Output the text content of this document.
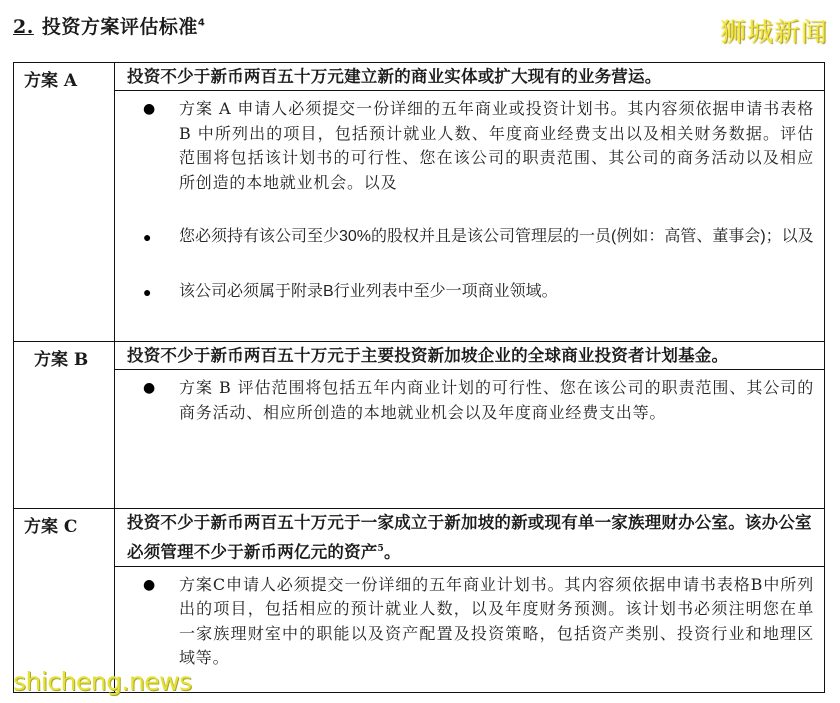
2. 投资方案评估标准$^4$	狮城新闻
方案 A	投资不少于新币两百五十万元建立新的商业实体或扩大现有的业务营运。
● 方案 A 申请人必须提交一份详细的五年商业或投资计划书。其内容须依据申请书表格 B 中所列出的项目，包括预计就业人数、年度商业经费支出以及相关财务数据。评估范围将包括该计划书的可行性、您在该公司的职责范围、其公司的商务活动以及相应所创造的本地就业机会。以及
● 您必须持有该公司至少30%的股权并且是该公司管理层的一员(例如：高管、董事会)；以及
● 该公司必须属于附录B行业列表中至少一项商业领域。

方案 B	投资不少于新币两百五十万元于主要投资新加坡企业的全球商业投资者计划基金。
● 方案 B 评估范围将包括五年内商业计划的可行性、您在该公司的职责范围、其公司的商务活动、相应所创造的本地就业机会以及年度商业经费支出等。

方案 C	投资不少于新币两百五十万元于一家成立于新加坡的新或现有单一家族理财办公室。该办公室必须管理不少于新币两亿元的资产$^5$。
● 方案C申请人必须提交一份详细的五年商业计划书。其内容须依据申请书表格B中所列出的项目，包括相应的预计就业人数，以及年度财务预测。该计划书必须注明您在单一家族理财室中的职能以及资产配置及投资策略，包括资产类别、投资行业和地理区域等。
shicheng.news
